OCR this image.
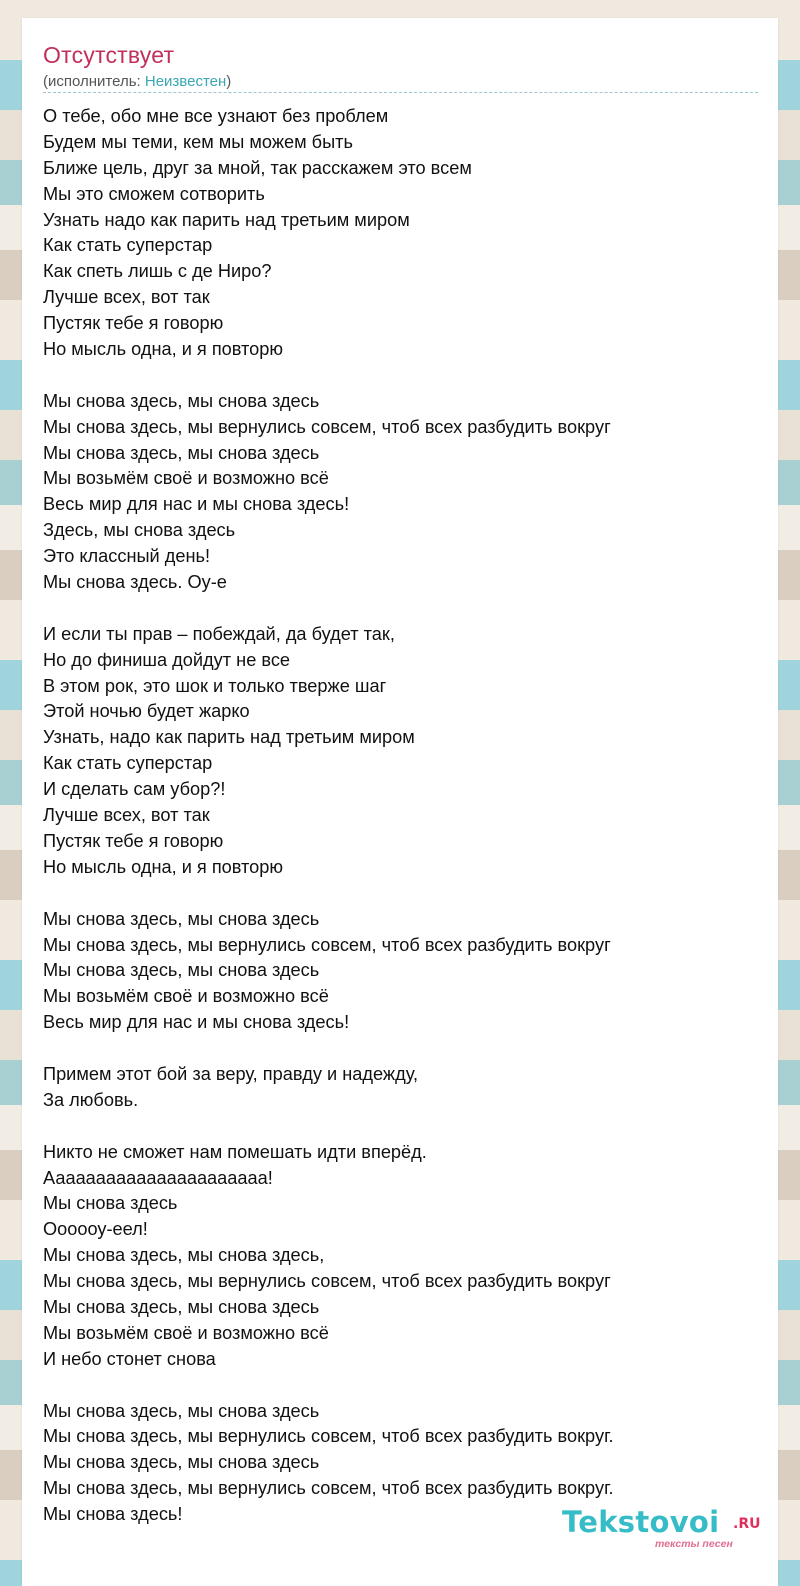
Отсутствует
(исполнитель: Неизвестен)
О тебе, обо мне все узнают без проблем
Будем мы теми, кем мы можем быть
Ближе цель, друг за мной, так расскажем это всем
Мы это сможем сотворить
Узнать надо как парить над третьим миром
Как стать суперстар
Как спеть лишь с де Ниро?
Лучше всех, вот так
Пустяк тебе я говорю
Но мысль одна, и я повторю
Мы снова здесь, мы снова здесь
Мы снова здесь, мы вернулись совсем, чтоб всех разбудить вокруг
Мы снова здесь, мы снова здесь
Мы возьмём своё и возможно всё
Весь мир для нас и мы снова здесь!
Здесь, мы снова здесь
Это классный день!
Мы снова здесь. Оу-е
И если ты прав – побеждай, да будет так,
Но до финиша дойдут не все
В этом рок, это шок и только тверже шаг
Этой ночью будет жарко
Узнать, надо как парить над третьим миром
Как стать суперстар
И сделать сам убор?!
Лучше всех, вот так
Пустяк тебе я говорю
Но мысль одна, и я повторю
Мы снова здесь, мы снова здесь
Мы снова здесь, мы вернулись совсем, чтоб всех разбудить вокруг
Мы снова здесь, мы снова здесь
Мы возьмём своё и возможно всё
Весь мир для нас и мы снова здесь!
Примем этот бой за веру, правду и надежду,
За любовь.
Никто не сможет нам помешать идти вперёд.
Аааааааааааааааааааааа!
Мы снова здесь
Оооооу-еел!
Мы снова здесь, мы снова здесь,
Мы снова здесь, мы вернулись совсем, чтоб всех разбудить вокруг
Мы снова здесь, мы снова здесь
Мы возьмём своё и возможно всё
И небо стонет снова
Мы снова здесь, мы снова здесь
Мы снова здесь, мы вернулись совсем, чтоб всех разбудить вокруг.
Мы снова здесь, мы снова здесь
Мы снова здесь, мы вернулись совсем, чтоб всех разбудить вокруг.
Мы снова здесь!	Tekstovoi .RU
тексты песен
